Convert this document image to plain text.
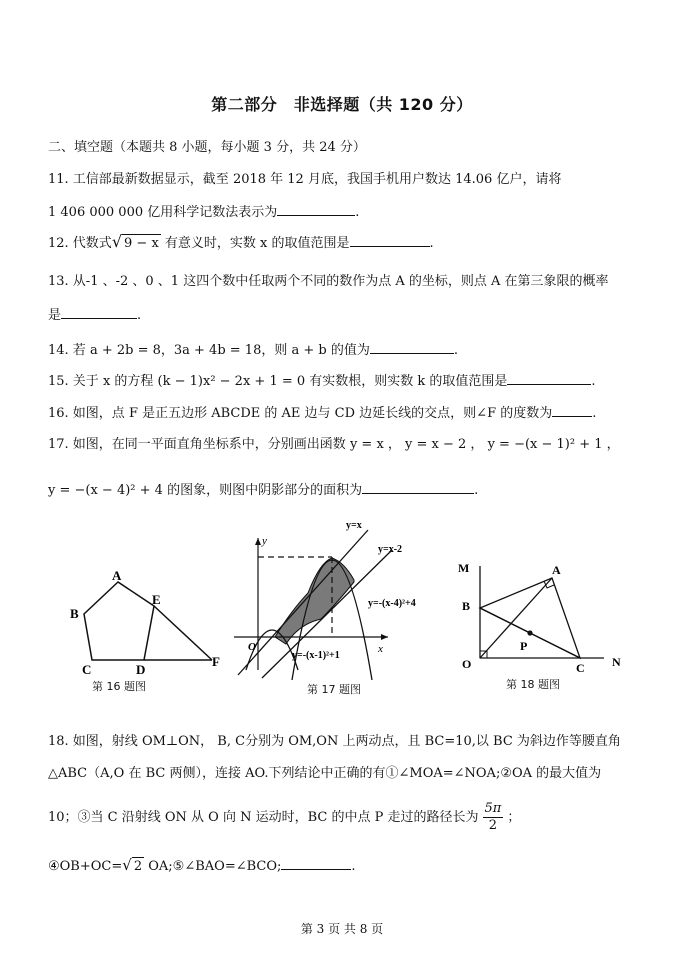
第二部分　非选择题（共 120 分）
二、填空题（本题共 8 小题，每小题 3 分，共 24 分）
11. 工信部最新数据显示，截至 2018 年 12 月底，我国手机用户数达 14.06 亿户，请将
1 406 000 000 亿用科学记数法表示为	.
12. 代数式√ 9 − x 有意义时，实数 x 的取值范围是	.
13. 从-1 、-2 、0 、1 这四个数中任取两个不同的数作为点 A 的坐标，则点 A 在第三象限的概率
是	.
14. 若 a + 2b = 8，3a + 4b = 18，则 a + b 的值为	.
15. 关于 x 的方程 (k − 1)x² − 2x + 1 = 0 有实数根，则实数 k 的取值范围是	.
16. 如图，点 F 是正五边形 ABCDE 的 AE 边与 CD 边延长线的交点，则∠F 的度数为	.
17. 如图，在同一平面直角坐标系中，分别画出函数 y = x ， y = x − 2 ， y = −(x − 1)² + 1 ，
y = −(x − 4)² + 4 的图象，则图中阴影部分的面积为	.
A
B
C	D
E
F
第 16 题图
y
x
O
y=x
y=x-2
y=-(x-4)²+4
y=-(x-1)²+1
第 17 题图
M	A
B
P
O	C N
第 18 题图
18. 如图，射线 OM⊥ON， B, C分别为 OM,ON 上两动点，且 BC=10,以 BC 为斜边作等腰直角
△ABC（A,O 在 BC 两侧），连接 AO.下列结论中正确的有①∠MOA=∠NOA;②OA 的最大值为
10；③当 C 沿射线 ON 从 O 向 N 运动时，BC 的中点 P 走过的路径长为 $\frac{5\pi}{2}$ ；
④OB+OC=√ 2 OA;⑤∠BAO=∠BCO;	.
第 3 页 共 8 页
